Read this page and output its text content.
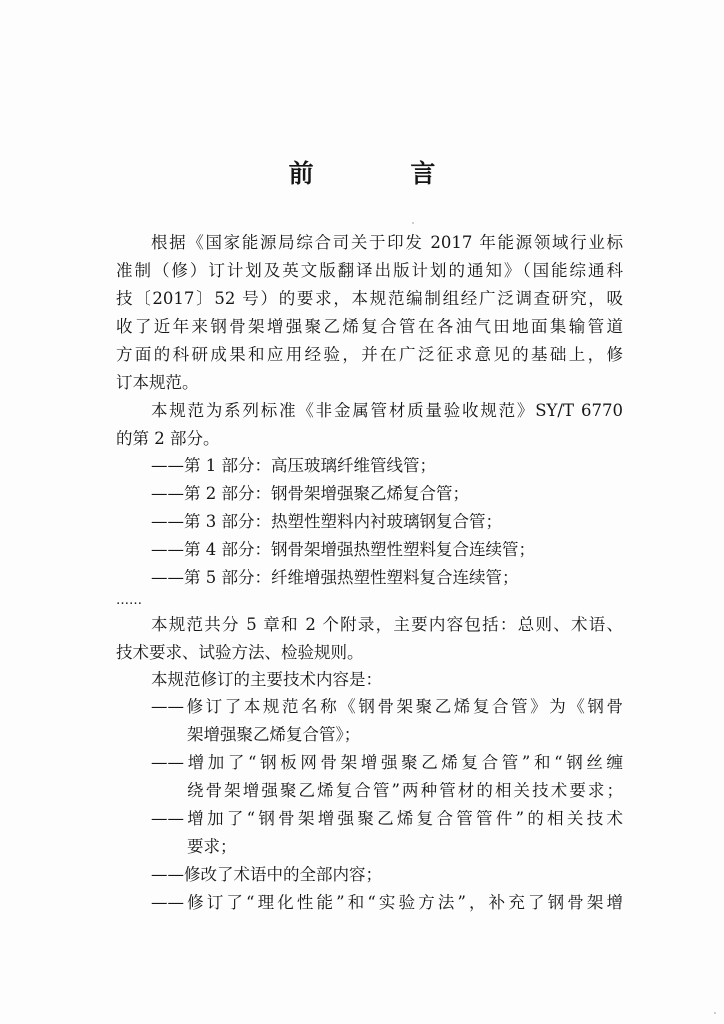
前 言
根据《国家能源局综合司关于印发 2017 年能源领域行业标
准制（修）订计划及英文版翻译出版计划的通知》（国能综通科
技〔2017〕52 号）的要求，本规范编制组经广泛调查研究，吸
收了近年来钢骨架增强聚乙烯复合管在各油气田地面集输管道
方面的科研成果和应用经验，并在广泛征求意见的基础上，修
订本规范。
本规范为系列标准《非金属管材质量验收规范》SY/T 6770
的第 2 部分。
——第 1 部分：高压玻璃纤维管线管；
——第 2 部分：钢骨架增强聚乙烯复合管；
——第 3 部分：热塑性塑料内衬玻璃钢复合管；
——第 4 部分：钢骨架增强热塑性塑料复合连续管；
——第 5 部分：纤维增强热塑性塑料复合连续管；
……
本规范共分 5 章和 2 个附录，主要内容包括：总则、术语、
技术要求、试验方法、检验规则。
本规范修订的主要技术内容是：
——修订了本规范名称《钢骨架聚乙烯复合管》为《钢骨
架增强聚乙烯复合管》；
——增加了“钢板网骨架增强聚乙烯复合管”和“钢丝缠
绕骨架增强聚乙烯复合管”两种管材的相关技术要求；
——增加了“钢骨架增强聚乙烯复合管管件”的相关技术
要求；
——修改了术语中的全部内容；
——修订了“理化性能”和“实验方法”，补充了钢骨架增
